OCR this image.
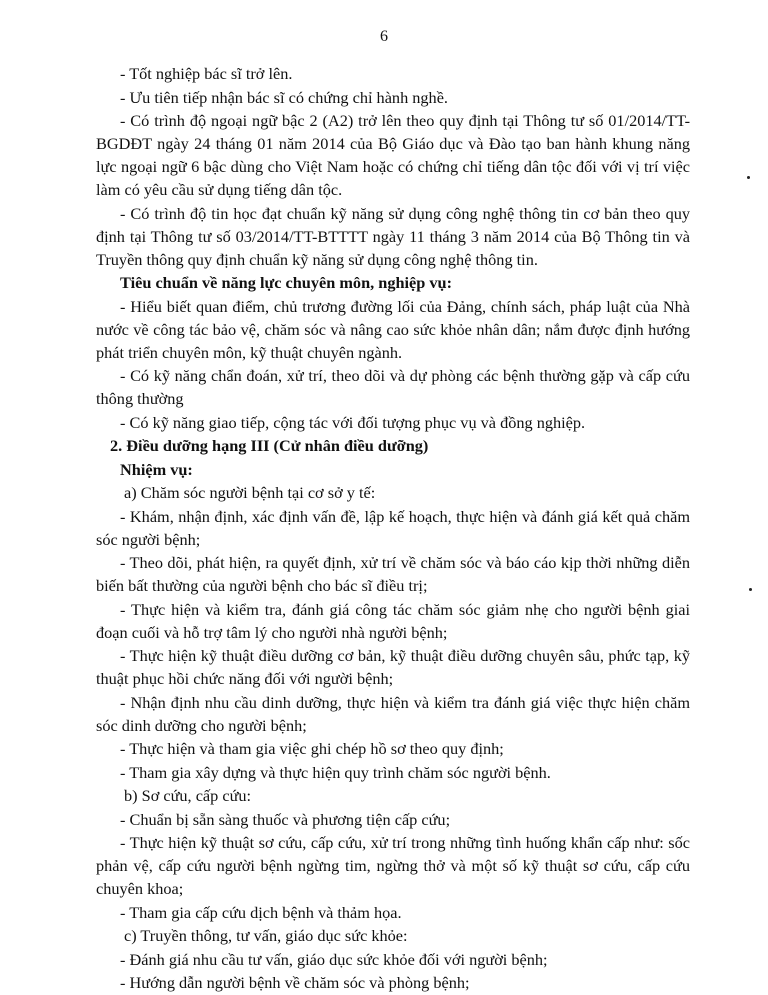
6

- Tốt nghiệp bác sĩ trở lên.

- Ưu tiên tiếp nhận bác sĩ có chứng chỉ hành nghề.

- Có trình độ ngoại ngữ bậc 2 (A2) trở lên theo quy định tại Thông tư số 01/2014/TT-BGDĐT ngày 24 tháng 01 năm 2014 của Bộ Giáo dục và Đào tạo ban hành khung năng lực ngoại ngữ 6 bậc dùng cho Việt Nam hoặc có chứng chỉ tiếng dân tộc đối với vị trí việc làm có yêu cầu sử dụng tiếng dân tộc.

- Có trình độ tin học đạt chuẩn kỹ năng sử dụng công nghệ thông tin cơ bản theo quy định tại Thông tư số 03/2014/TT-BTTTT ngày 11 tháng 3 năm 2014 của Bộ Thông tin và Truyền thông quy định chuẩn kỹ năng sử dụng công nghệ thông tin.

Tiêu chuẩn về năng lực chuyên môn, nghiệp vụ:

- Hiểu biết quan điểm, chủ trương đường lối của Đảng, chính sách, pháp luật của Nhà nước về công tác bảo vệ, chăm sóc và nâng cao sức khỏe nhân dân; nắm được định hướng phát triển chuyên môn, kỹ thuật chuyên ngành.

- Có kỹ năng chẩn đoán, xử trí, theo dõi và dự phòng các bệnh thường gặp và cấp cứu thông thường

- Có kỹ năng giao tiếp, cộng tác với đối tượng phục vụ và đồng nghiệp.

2. Điều dưỡng hạng III (Cử nhân điều dưỡng)

Nhiệm vụ:

a) Chăm sóc người bệnh tại cơ sở y tế:

- Khám, nhận định, xác định vấn đề, lập kế hoạch, thực hiện và đánh giá kết quả chăm sóc người bệnh;

- Theo dõi, phát hiện, ra quyết định, xử trí về chăm sóc và báo cáo kịp thời những diễn biến bất thường của người bệnh cho bác sĩ điều trị;

- Thực hiện và kiểm tra, đánh giá công tác chăm sóc giảm nhẹ cho người bệnh giai đoạn cuối và hỗ trợ tâm lý cho người nhà người bệnh;

- Thực hiện kỹ thuật điều dưỡng cơ bản, kỹ thuật điều dưỡng chuyên sâu, phức tạp, kỹ thuật phục hồi chức năng đối với người bệnh;

- Nhận định nhu cầu dinh dưỡng, thực hiện và kiểm tra đánh giá việc thực hiện chăm sóc dinh dưỡng cho người bệnh;

- Thực hiện và tham gia việc ghi chép hồ sơ theo quy định;

- Tham gia xây dựng và thực hiện quy trình chăm sóc người bệnh.

b) Sơ cứu, cấp cứu:

- Chuẩn bị sẵn sàng thuốc và phương tiện cấp cứu;

- Thực hiện kỹ thuật sơ cứu, cấp cứu, xử trí trong những tình huống khẩn cấp như: sốc phản vệ, cấp cứu người bệnh ngừng tim, ngừng thở và một số kỹ thuật sơ cứu, cấp cứu chuyên khoa;

- Tham gia cấp cứu dịch bệnh và thảm họa.

c) Truyền thông, tư vấn, giáo dục sức khỏe:

- Đánh giá nhu cầu tư vấn, giáo dục sức khỏe đối với người bệnh;

- Hướng dẫn người bệnh về chăm sóc và phòng bệnh;
